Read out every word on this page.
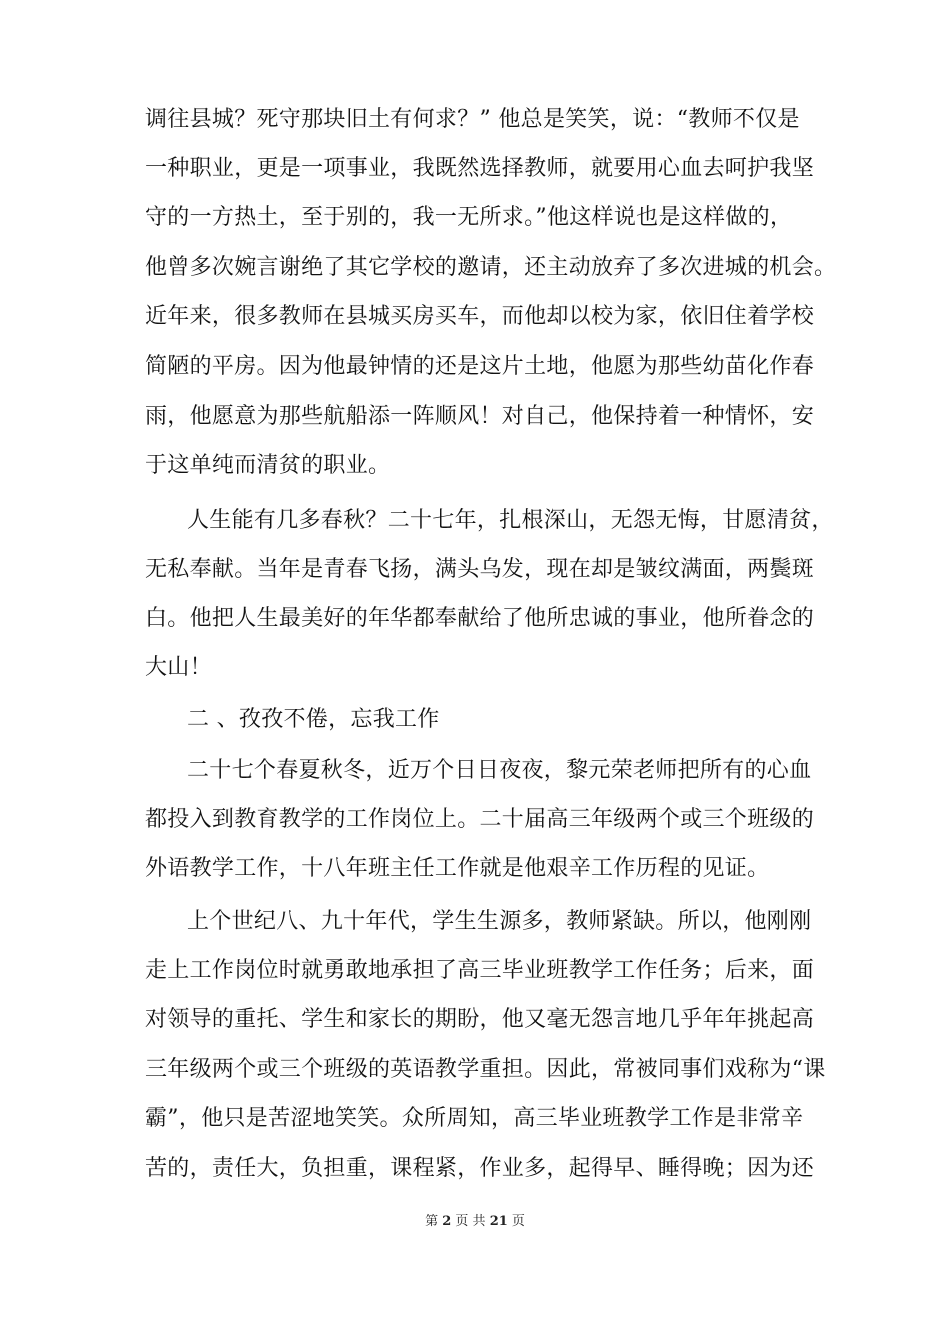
调往县城？死守那块旧土有何求？” 他总是笑笑，说：“教师不仅是
一种职业，更是一项事业，我既然选择教师，就要用心血去呵护我坚
守的一方热土，至于别的，我一无所求。”他这样说也是这样做的，
他曾多次婉言谢绝了其它学校的邀请，还主动放弃了多次进城的机会。
近年来，很多教师在县城买房买车，而他却以校为家，依旧住着学校
简陋的平房。因为他最钟情的还是这片土地，他愿为那些幼苗化作春
雨，他愿意为那些航船添一阵顺风！对自己，他保持着一种情怀，安
于这单纯而清贫的职业。
人生能有几多春秋？二十七年，扎根深山，无怨无悔，甘愿清贫，
无私奉献。当年是青春飞扬，满头乌发，现在却是皱纹满面，两鬓斑
白。他把人生最美好的年华都奉献给了他所忠诚的事业，他所眷念的
大山！
二 、孜孜不倦，忘我工作
二十七个春夏秋冬，近万个日日夜夜，黎元荣老师把所有的心血
都投入到教育教学的工作岗位上。二十届高三年级两个或三个班级的
外语教学工作，十八年班主任工作就是他艰辛工作历程的见证。
上个世纪八、九十年代，学生生源多，教师紧缺。所以，他刚刚
走上工作岗位时就勇敢地承担了高三毕业班教学工作任务；后来，面
对领导的重托、学生和家长的期盼，他又毫无怨言地几乎年年挑起高
三年级两个或三个班级的英语教学重担。因此，常被同事们戏称为“课
霸”，他只是苦涩地笑笑。众所周知，高三毕业班教学工作是非常辛
苦的，责任大，负担重，课程紧，作业多，起得早、睡得晚；因为还
第 2 页 共 21 页
